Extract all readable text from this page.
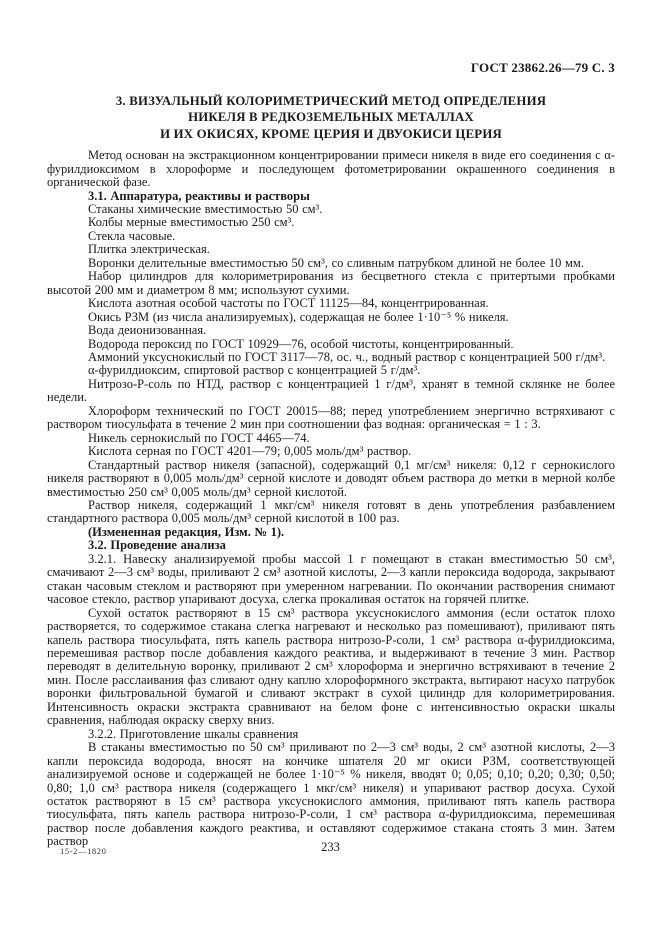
ГОСТ 23862.26—79 С. 3
3. ВИЗУАЛЬНЫЙ КОЛОРИМЕТРИЧЕСКИЙ МЕТОД ОПРЕДЕЛЕНИЯ
НИКЕЛЯ В РЕДКОЗЕМЕЛЬНЫХ МЕТАЛЛАХ
И ИХ ОКИСЯХ, КРОМЕ ЦЕРИЯ И ДВУОКИСИ ЦЕРИЯ

Метод основан на экстракционном концентрировании примеси никеля в виде его соединения с α-фурилдиоксимом в хлороформе и последующем фотометрировании окрашенного соединения в органической фазе.

3.1. Аппаратура, реактивы и растворы

Стаканы химические вместимостью 50 см³.

Колбы мерные вместимостью 250 см³.

Стекла часовые.

Плитка электрическая.

Воронки делительные вместимостью 50 см³, со сливным патрубком длиной не более 10 мм.

Набор цилиндров для колориметрирования из бесцветного стекла с притертыми пробками высотой 200 мм и диаметром 8 мм; используют сухими.

Кислота азотная особой частоты по ГОСТ 11125—84, концентрированная.

Окись РЗМ (из числа анализируемых), содержащая не более 1·10⁻⁵ % никеля.

Вода деионизованная.

Водорода пероксид по ГОСТ 10929—76, особой чистоты, концентрированный.

Аммоний уксуснокислый по ГОСТ 3117—78, ос. ч., водный раствор с концентрацией 500 г/дм³.

α-фурилдиоксим, спиртовой раствор с концентрацией 5 г/дм³.

Нитрозо-Р-соль по НТД, раствор с концентрацией 1 г/дм³, хранят в темной склянке не более недели.

Хлороформ технический по ГОСТ 20015—88; перед употреблением энергично встряхивают с раствором тиосульфата в течение 2 мин при соотношении фаз водная: органическая = 1 : 3.

Никель сернокислый по ГОСТ 4465—74.

Кислота серная по ГОСТ 4201—79; 0,005 моль/дм³ раствор.

Стандартный раствор никеля (запасной), содержащий 0,1 мг/см³ никеля: 0,12 г сернокислого никеля растворяют в 0,005 моль/дм³ серной кислоте и доводят объем раствора до метки в мерной колбе вместимостью 250 см³ 0,005 моль/дм³ серной кислотой.

Раствор никеля, содержащий 1 мкг/см³ никеля готовят в день употребления разбавлением стандартного раствора 0,005 моль/дм³ серной кислотой в 100 раз.

(Измененная редакция, Изм. № 1).

3.2. Проведение анализа

3.2.1. Навеску анализируемой пробы массой 1 г помещают в стакан вместимостью 50 см³, смачивают 2—3 см³ воды, приливают 2 см³ азотной кислоты, 2—3 капли пероксида водорода, закрывают стакан часовым стеклом и растворяют при умеренном нагревании. По окончании растворения снимают часовое стекло, раствор упаривают досуха, слегка прокаливая остаток на горячей плитке.

Сухой остаток растворяют в 15 см³ раствора уксуснокислого аммония (если остаток плохо растворяется, то содержимое стакана слегка нагревают и несколько раз помешивают), приливают пять капель раствора тиосульфата, пять капель раствора нитрозо-Р-соли, 1 см³ раствора α-фурилдиоксима, перемешивая раствор после добавления каждого реактива, и выдерживают в течение 3 мин. Раствор переводят в делительную воронку, приливают 2 см³ хлороформа и энергично встряхивают в течение 2 мин. После расслаивания фаз сливают одну каплю хлороформного экстракта, вытирают насухо патрубок воронки фильтровальной бумагой и сливают экстракт в сухой цилиндр для колориметрирования. Интенсивность окраски экстракта сравнивают на белом фоне с интенсивностью окраски шкалы сравнения, наблюдая окраску сверху вниз.

3.2.2. Приготовление шкалы сравнения

В стаканы вместимостью по 50 см³ приливают по 2—3 см³ воды, 2 см³ азотной кислоты, 2—3 капли пероксида водорода, вносят на кончике шпателя 20 мг окиси РЗМ, соответствующей анализируемой основе и содержащей не более 1·10⁻⁵ % никеля, вводят 0; 0,05; 0,10; 0,20; 0,30; 0,50; 0,80; 1,0 см³ раствора никеля (содержащего 1 мкг/см³ никеля) и упаривают раствор досуха. Сухой остаток растворяют в 15 см³ раствора уксуснокислого аммония, приливают пять капель раствора тиосульфата, пять капель раствора нитрозо-Р-соли, 1 см³ раствора α-фурилдиоксима, перемешивая раствор после добавления каждого реактива, и оставляют содержимое стакана стоять 3 мин. Затем раствор

15-2—1820	233
